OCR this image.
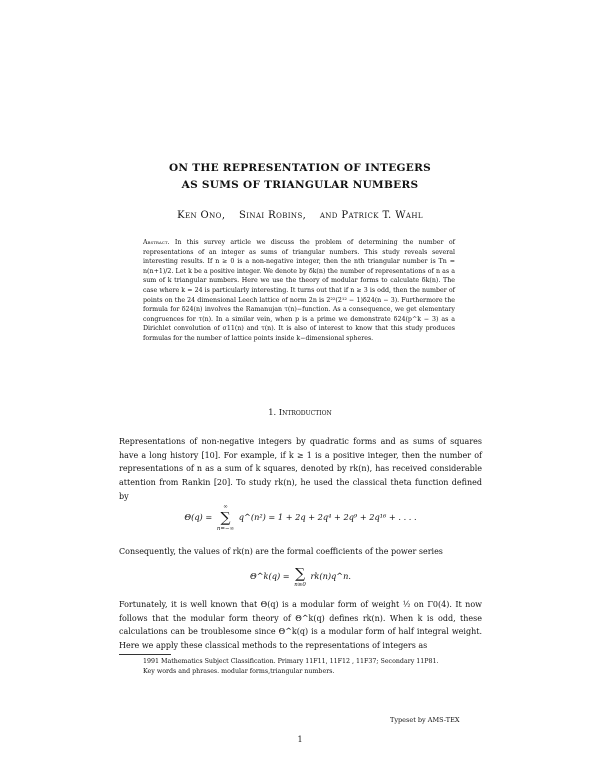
ON THE REPRESENTATION OF INTEGERS
AS SUMS OF TRIANGULAR NUMBERS
Ken Ono, Sinai Robins, and Patrick T. Wahl

Abstract. In this survey article we discuss the problem of determining the number of representations of an integer as sums of triangular numbers. This study reveals several interesting results. If n ≥ 0 is a non-negative integer, then the nth triangular number is Tn = n(n+1)/2. Let k be a positive integer. We denote by δk(n) the number of representations of n as a sum of k triangular numbers. Here we use the theory of modular forms to calculate δk(n). The case where k = 24 is particularly interesting. It turns out that if n ≥ 3 is odd, then the number of points on the 24 dimensional Leech lattice of norm 2n is 2²²(2¹² − 1)δ24(n − 3). Furthermore the formula for δ24(n) involves the Ramanujan τ(n)−function. As a consequence, we get elementary congruences for τ(n). In a similar vein, when p is a prime we demonstrate δ24(p^k − 3) as a Dirichlet convolution of σ11(n) and τ(n). It is also of interest to know that this study produces formulas for the number of lattice points inside k−dimensional spheres.

1. Introduction

Representations of non-negative integers by quadratic forms and as sums of squares have a long history [10]. For example, if k ≥ 1 is a positive integer, then the number of representations of n as a sum of k squares, denoted by rk(n), has received considerable attention from Rankin [20]. To study rk(n), he used the classical theta function defined by

Θ(q) =
∞
∑
n=−∞
q^(n²) = 1 + 2q + 2q⁴ + 2q⁹ + 2q¹⁶ + . . . .

Consequently, the values of rk(n) are the formal coefficients of the power series

Θ^k(q) = ∑
n≥0
rk(n)q^n.

Fortunately, it is well known that Θ(q) is a modular form of weight ½ on Γ0(4). It now follows that the modular form theory of Θ^k(q) defines rk(n). When k is odd, these calculations can be troublesome since Θ^k(q) is a modular form of half integral weight. Here we apply these classical methods to the representations of integers as

1991 Mathematics Subject Classification. Primary 11F11, 11F12 , 11F37; Secondary 11P81.

Key words and phrases. modular forms,triangular numbers.

Typeset by AMS-TEX
1
